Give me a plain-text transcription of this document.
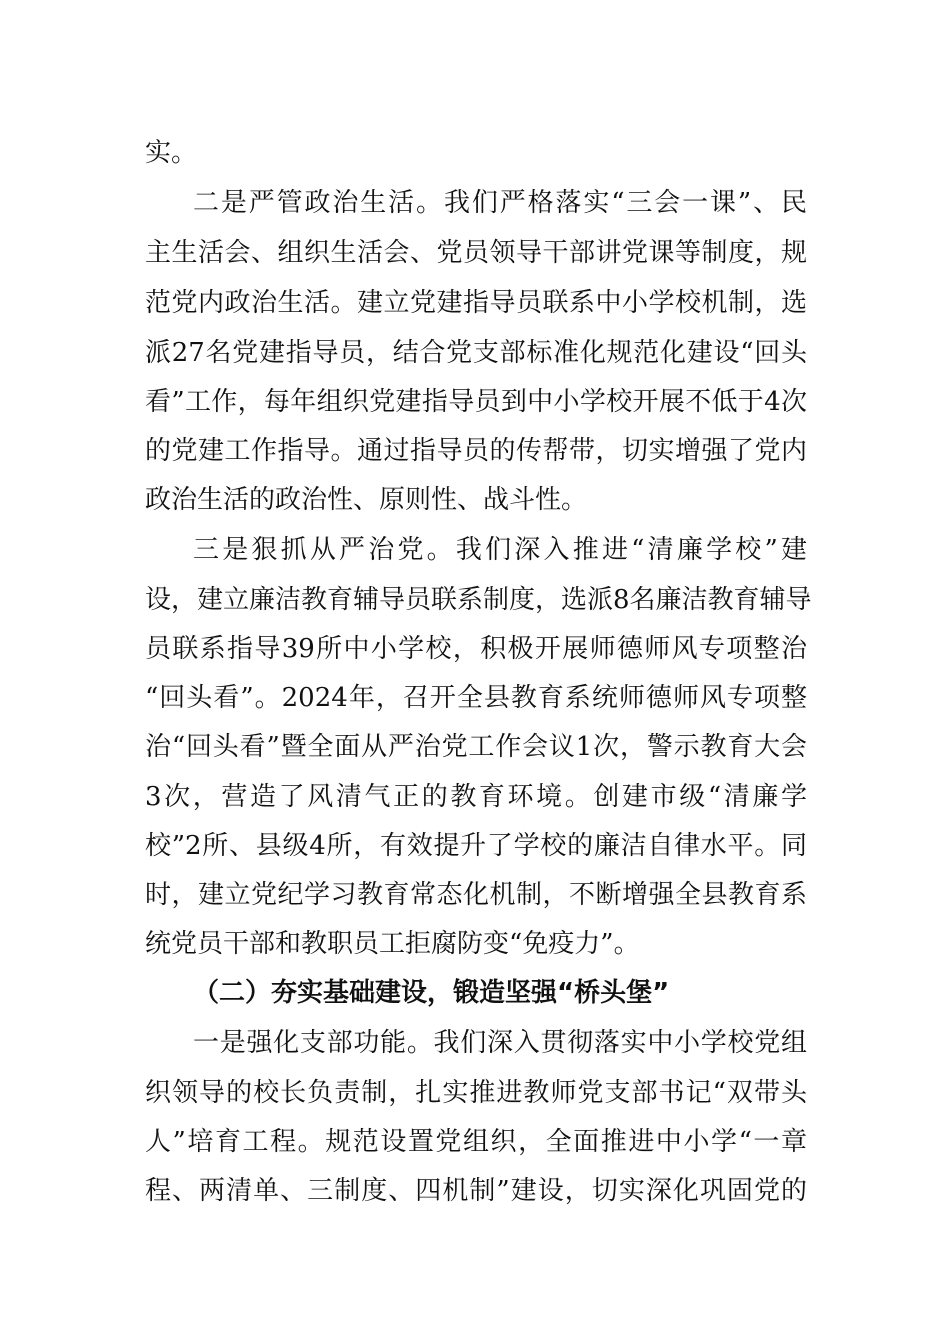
实。
二是严管政治生活。我们严格落实“三会一课”、民
主生活会、组织生活会、党员领导干部讲党课等制度，规
范党内政治生活。建立党建指导员联系中小学校机制，选
派27名党建指导员，结合党支部标准化规范化建设“回头
看”工作，每年组织党建指导员到中小学校开展不低于4次
的党建工作指导。通过指导员的传帮带，切实增强了党内
政治生活的政治性、原则性、战斗性。
三是狠抓从严治党。我们深入推进“清廉学校”建
设，建立廉洁教育辅导员联系制度，选派8名廉洁教育辅导
员联系指导39所中小学校，积极开展师德师风专项整治
“回头看”。2024年，召开全县教育系统师德师风专项整
治“回头看”暨全面从严治党工作会议1次，警示教育大会
3次，营造了风清气正的教育环境。创建市级“清廉学
校”2所、县级4所，有效提升了学校的廉洁自律水平。同
时，建立党纪学习教育常态化机制，不断增强全县教育系
统党员干部和教职员工拒腐防变“免疫力”。
（二）夯实基础建设，锻造坚强“桥头堡”
一是强化支部功能。我们深入贯彻落实中小学校党组
织领导的校长负责制，扎实推进教师党支部书记“双带头
人”培育工程。规范设置党组织，全面推进中小学“一章
程、两清单、三制度、四机制”建设，切实深化巩固党的
